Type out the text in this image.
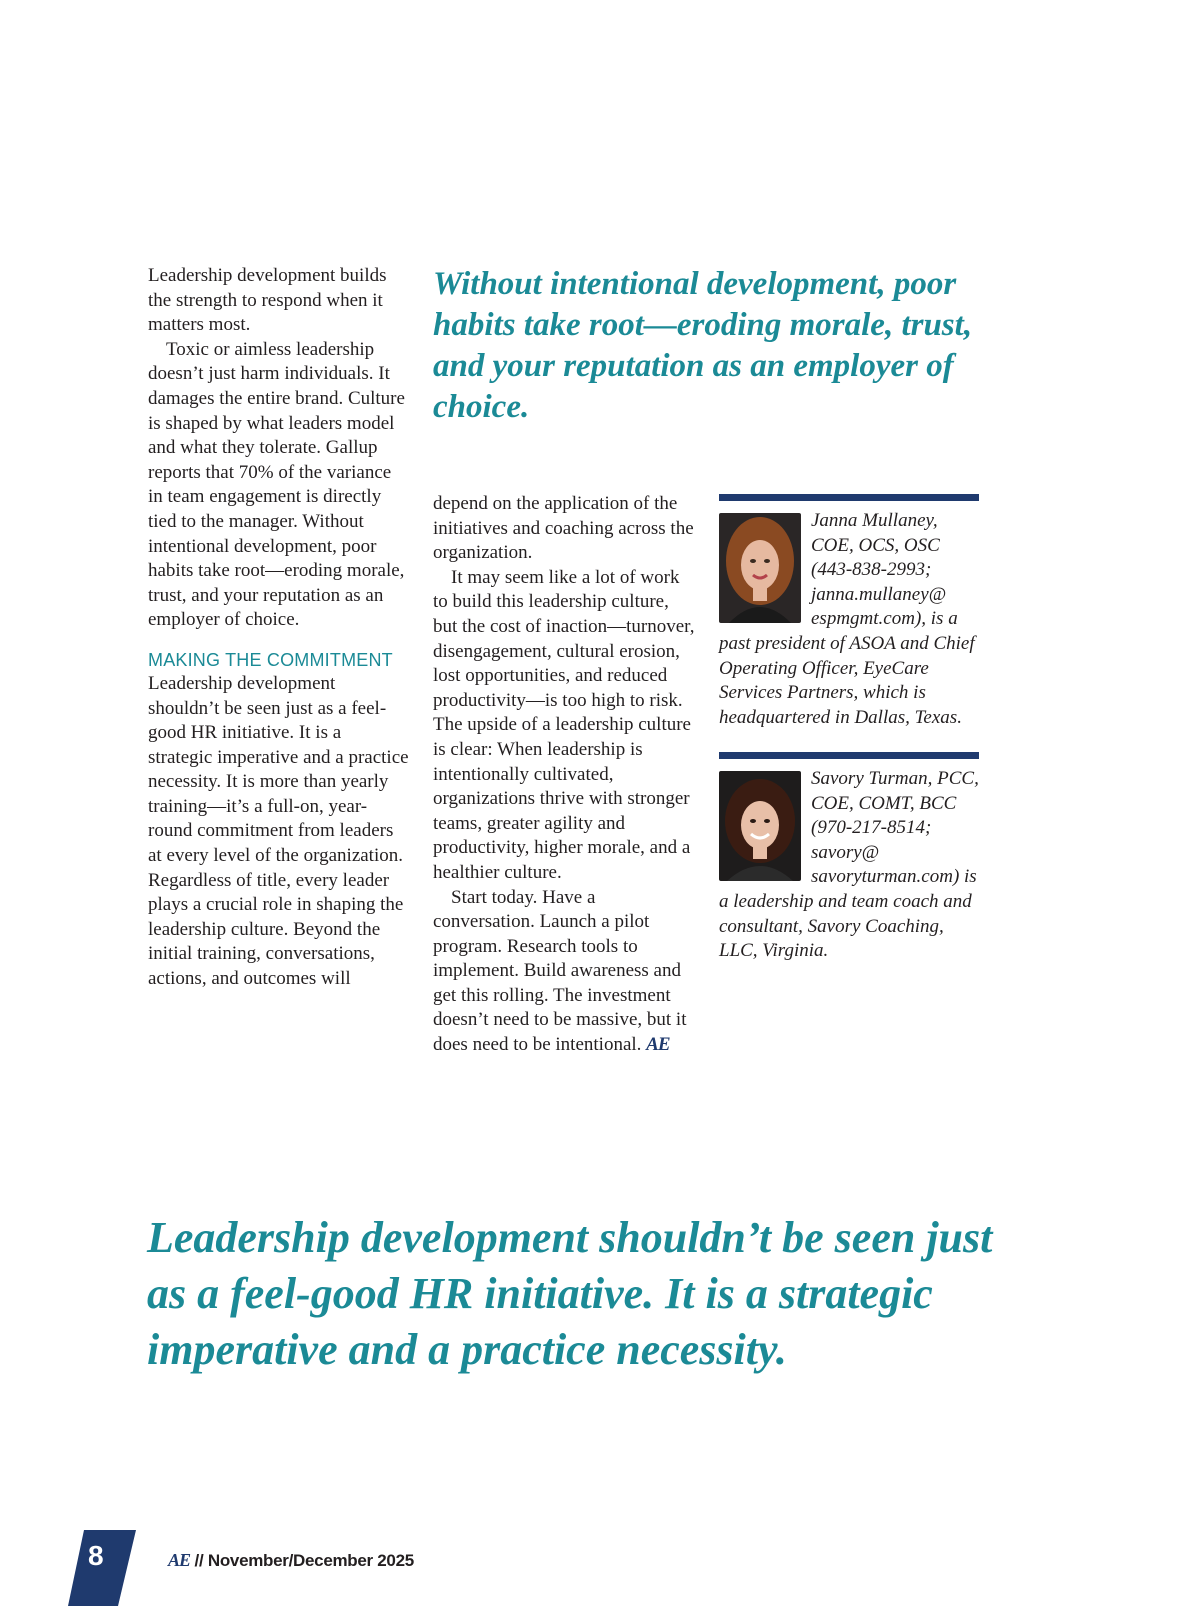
Leadership development builds the strength to respond when it matters most.

Toxic or aimless leadership doesn’t just harm individuals. It damages the entire brand. Culture is shaped by what leaders model and what they tolerate. Gallup reports that 70% of the variance in team engagement is directly tied to the manager. Without intentional development, poor habits take root—eroding morale, trust, and your reputation as an employer of choice.

MAKING THE COMMITMENT

Leadership development shouldn’t be seen just as a feel-good HR initiative. It is a strategic imperative and a practice necessity. It is more than yearly training—it’s a full-on, year-round commitment from leaders at every level of the organization. Regardless of title, every leader plays a crucial role in shaping the leadership culture. Beyond the initial training, conversations, actions, and outcomes will

Without intentional development, poor habits take root—eroding morale, trust, and your reputation as an employer of choice.

depend on the application of the initiatives and coaching across the organization.

It may seem like a lot of work to build this leadership culture, but the cost of inaction—turnover, disengagement, cultural erosion, lost opportunities, and reduced productivity—is too high to risk. The upside of a leadership culture is clear: When leadership is intentionally cultivated, organizations thrive with stronger teams, greater agility and productivity, higher morale, and a healthier culture.

Start today. Have a conversation. Launch a pilot program. Research tools to implement. Build awareness and get this rolling. The investment doesn’t need to be massive, but it does need to be intentional. AE

Janna Mullaney, COE, OCS, OSC (443-838-2993; janna.mullaney@ espmgmt.com), is a past president of ASOA and Chief Operating Officer, EyeCare Services Partners, which is headquartered in Dallas, Texas.

Savory Turman, PCC, COE, COMT, BCC (970-217-8514; savory@ savoryturman.com) is a leadership and team coach and consultant, Savory Coaching, LLC, Virginia.

Leadership development shouldn’t be seen just as a feel-good HR initiative. It is a strategic imperative and a practice necessity.
8	AE // November/December 2025
